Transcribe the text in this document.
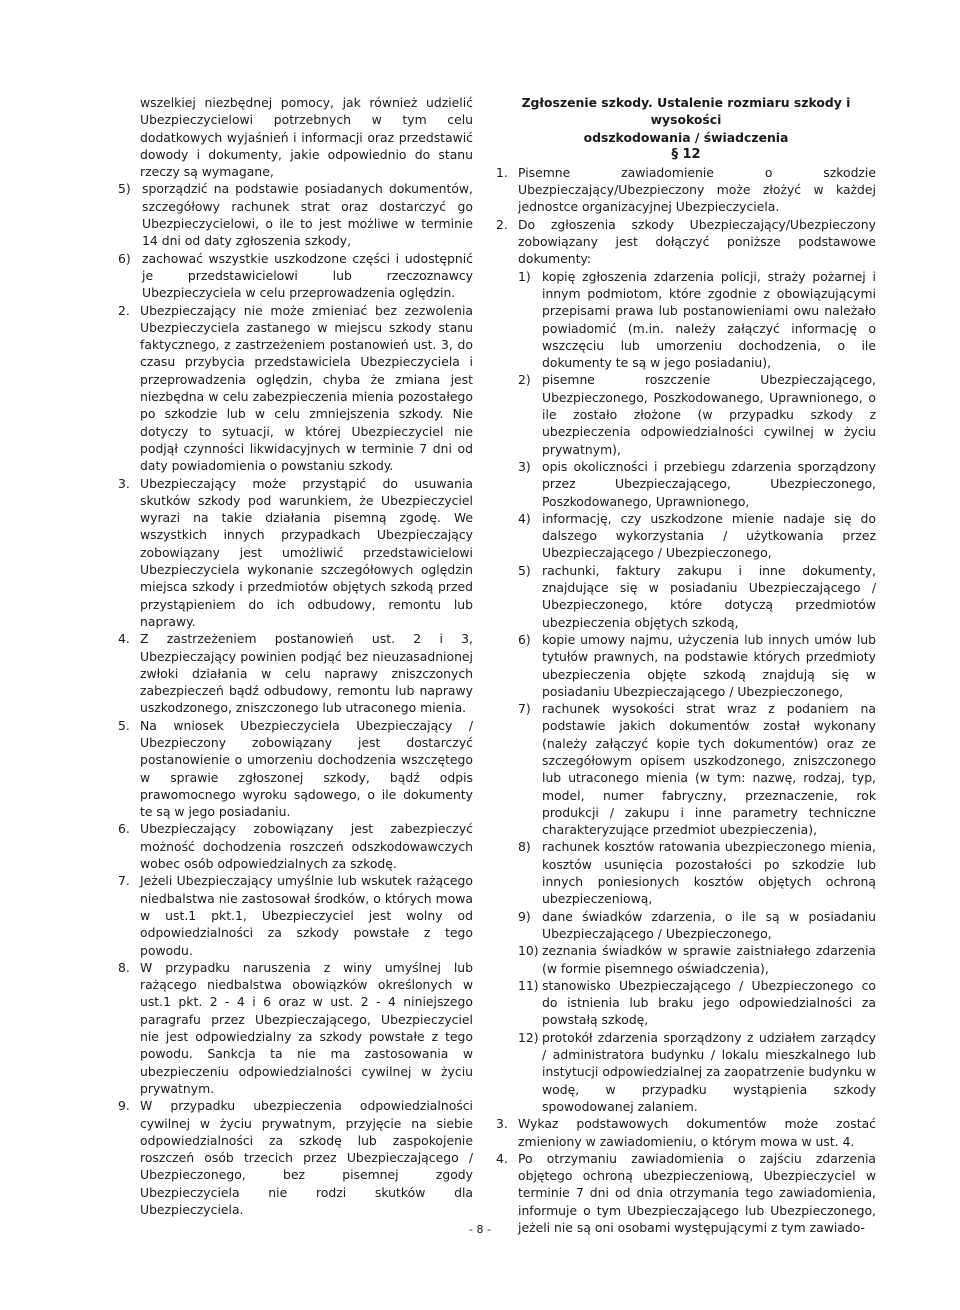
wszelkiej niezbędnej pomocy, jak również udzielić Ubezpieczycielowi potrzebnych w tym celu dodatkowych wyjaśnień i informacji oraz przedstawić dowody i dokumenty, jakie odpowiednio do stanu rzeczy są wymagane,

5) sporządzić na podstawie posiadanych dokumentów, szczegółowy rachunek strat oraz dostarczyć go Ubezpieczycielowi, o ile to jest możliwe w terminie 14 dni od daty zgłoszenia szkody,
6) zachować wszystkie uszkodzone części i udostępnić je przedstawicielowi lub rzeczoznawcy Ubezpieczyciela w celu przeprowadzenia oględzin.
2. Ubezpieczający nie może zmieniać bez zezwolenia Ubezpieczyciela zastanego w miejscu szkody stanu faktycznego, z zastrzeżeniem postanowień ust. 3, do czasu przybycia przedstawiciela Ubezpieczyciela i przeprowadzenia oględzin, chyba że zmiana jest niezbędna w celu zabezpieczenia mienia pozostałego po szkodzie lub w celu zmniejszenia szkody. Nie dotyczy to sytuacji, w której Ubezpieczyciel nie podjął czynności likwidacyjnych w terminie 7 dni od daty powiadomienia o powstaniu szkody.
3. Ubezpieczający może przystąpić do usuwania skutków szkody pod warunkiem, że Ubezpieczyciel wyrazi na takie działania pisemną zgodę. We wszystkich innych przypadkach Ubezpieczający zobowiązany jest umożliwić przedstawicielowi Ubezpieczyciela wykonanie szczegółowych oględzin miejsca szkody i przedmiotów objętych szkodą przed przystąpieniem do ich odbudowy, remontu lub naprawy.
4. Z zastrzeżeniem postanowień ust. 2 i 3, Ubezpieczający powinien podjąć bez nieuzasadnionej zwłoki działania w celu naprawy zniszczonych zabezpieczeń bądź odbudowy, remontu lub naprawy uszkodzonego, zniszczonego lub utraconego mienia.
5. Na wniosek Ubezpieczyciela Ubezpieczający / Ubezpieczony zobowiązany jest dostarczyć postanowienie o umorzeniu dochodzenia wszczętego w sprawie zgłoszonej szkody, bądź odpis prawomocnego wyroku sądowego, o ile dokumenty te są w jego posiadaniu.
6. Ubezpieczający zobowiązany jest zabezpieczyć możność dochodzenia roszczeń odszkodowawczych wobec osób odpowiedzialnych za szkodę.
7. Jeżeli Ubezpieczający umyślnie lub wskutek rażącego niedbalstwa nie zastosował środków, o których mowa w ust.1 pkt.1, Ubezpieczyciel jest wolny od odpowiedzialności za szkody powstałe z tego powodu.
8. W przypadku naruszenia z winy umyślnej lub rażącego niedbalstwa obowiązków określonych w ust.1 pkt. 2 - 4 i 6 oraz w ust. 2 - 4 niniejszego paragrafu przez Ubezpieczającego, Ubezpieczyciel nie jest odpowiedzialny za szkody powstałe z tego powodu. Sankcja ta nie ma zastosowania w ubezpieczeniu odpowiedzialności cywilnej w życiu prywatnym.
9. W przypadku ubezpieczenia odpowiedzialności cywilnej w życiu prywatnym, przyjęcie na siebie odpowiedzialności za szkodę lub zaspokojenie roszczeń osób trzecich przez Ubezpieczającego / Ubezpieczonego, bez pisemnej zgody Ubezpieczyciela nie rodzi skutków dla Ubezpieczyciela.
Zgłoszenie szkody. Ustalenie rozmiaru szkody i wysokości
odszkodowania / świadczenia
§ 12
1. Pisemne zawiadomienie o szkodzie Ubezpieczający/Ubezpieczony może złożyć w każdej jednostce organizacyjnej Ubezpieczyciela.
2. Do zgłoszenia szkody Ubezpieczający/Ubezpieczony zobowiązany jest dołączyć poniższe podstawowe dokumenty:
1) kopię zgłoszenia zdarzenia policji, straży pożarnej i innym podmiotom, które zgodnie z obowiązującymi przepisami prawa lub postanowieniami owu należało powiadomić (m.in. należy załączyć informację o wszczęciu lub umorzeniu dochodzenia, o ile dokumenty te są w jego posiadaniu),
2) pisemne roszczenie Ubezpieczającego, Ubezpieczonego, Poszkodowanego, Uprawnionego, o ile zostało złożone (w przypadku szkody z ubezpieczenia odpowiedzialności cywilnej w życiu prywatnym),
3) opis okoliczności i przebiegu zdarzenia sporządzony przez Ubezpieczającego, Ubezpieczonego, Poszkodowanego, Uprawnionego,
4) informację, czy uszkodzone mienie nadaje się do dalszego wykorzystania / użytkowania przez Ubezpieczającego / Ubezpieczonego,
5) rachunki, faktury zakupu i inne dokumenty, znajdujące się w posiadaniu Ubezpieczającego / Ubezpieczonego, które dotyczą przedmiotów ubezpieczenia objętych szkodą,
6) kopie umowy najmu, użyczenia lub innych umów lub tytułów prawnych, na podstawie których przedmioty ubezpieczenia objęte szkodą znajdują się w posiadaniu Ubezpieczającego / Ubezpieczonego,
7) rachunek wysokości strat wraz z podaniem na podstawie jakich dokumentów został wykonany (należy załączyć kopie tych dokumentów) oraz ze szczegółowym opisem uszkodzonego, zniszczonego lub utraconego mienia (w tym: nazwę, rodzaj, typ, model, numer fabryczny, przeznaczenie, rok produkcji / zakupu i inne parametry techniczne charakteryzujące przedmiot ubezpieczenia),
8) rachunek kosztów ratowania ubezpieczonego mienia, kosztów usunięcia pozostałości po szkodzie lub innych poniesionych kosztów objętych ochroną ubezpieczeniową,
9) dane świadków zdarzenia, o ile są w posiadaniu Ubezpieczającego / Ubezpieczonego,
10) zeznania świadków w sprawie zaistniałego zdarzenia (w formie pisemnego oświadczenia),
11) stanowisko Ubezpieczającego / Ubezpieczonego co do istnienia lub braku jego odpowiedzialności za powstałą szkodę,
12) protokół zdarzenia sporządzony z udziałem zarządcy / administratora budynku / lokalu mieszkalnego lub instytucji odpowiedzialnej za zaopatrzenie budynku w wodę, w przypadku wystąpienia szkody spowodowanej zalaniem.
3. Wykaz podstawowych dokumentów może zostać zmieniony w zawiadomieniu, o którym mowa w ust. 4.
4. Po otrzymaniu zawiadomienia o zajściu zdarzenia objętego ochroną ubezpieczeniową, Ubezpieczyciel w terminie 7 dni od dnia otrzymania tego zawiadomienia, informuje o tym Ubezpieczającego lub Ubezpieczonego, jeżeli nie są oni osobami występującymi z tym zawiado-
- 8 -
